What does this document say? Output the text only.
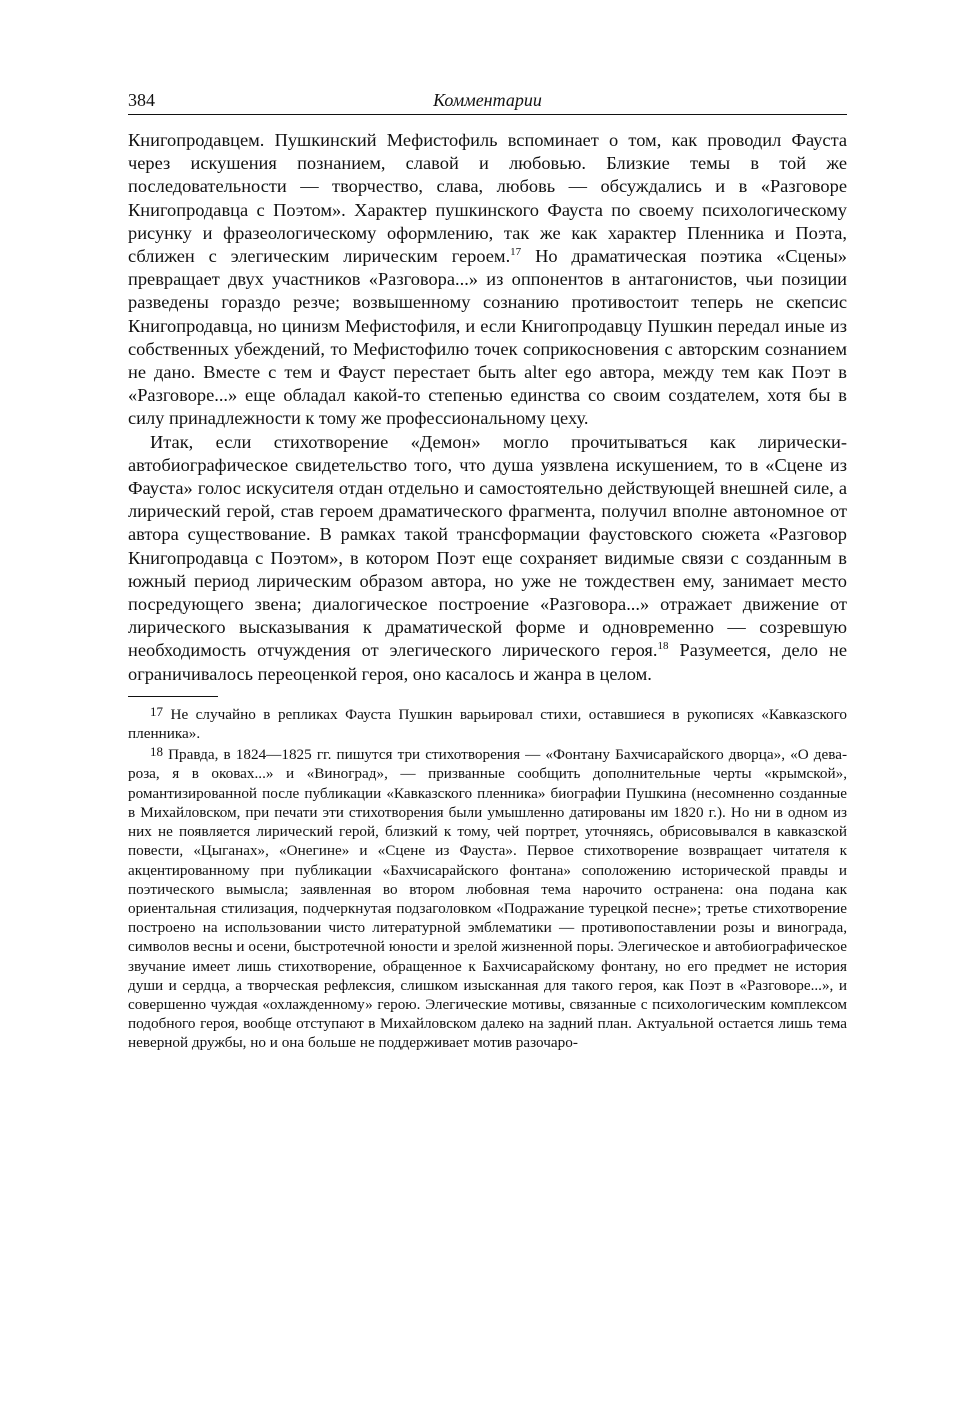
384	Комментарии

Книгопродавцем. Пушкинский Мефистофиль вспоминает о том, как проводил Фауста через искушения познанием, славой и любовью. Близкие темы в той же последовательности — творчество, слава, любовь — обсуждались и в «Разговоре Книгопродавца с Поэтом». Характер пушкинского Фауста по своему психологическому рисунку и фразеологическому оформлению, так же как характер Пленника и Поэта, сближен с элегическим лирическим героем.$^{17}$ Но драматическая поэтика «Сцены» превращает двух участников «Разговора...» из оппонентов в антагонистов, чьи позиции разведены гораздо резче; возвышенному сознанию противостоит теперь не скепсис Книгопродавца, но цинизм Мефистофиля, и если Книгопродавцу Пушкин передал иные из собственных убеждений, то Мефистофилю точек соприкосновения с авторским сознанием не дано. Вместе с тем и Фауст перестает быть alter ego автора, между тем как Поэт в «Разговоре...» еще обладал какой-то степенью единства со своим создателем, хотя бы в силу принадлежности к тому же профессиональному цеху.

Итак, если стихотворение «Демон» могло прочитываться как лирически-автобиографическое свидетельство того, что душа уязвлена искушением, то в «Сцене из Фауста» голос искусителя отдан отдельно и самостоятельно действующей внешней силе, а лирический герой, став героем драматического фрагмента, получил вполне автономное от автора существование. В рамках такой трансформации фаустовского сюжета «Разговор Книгопродавца с Поэтом», в котором Поэт еще сохраняет видимые связи с созданным в южный период лирическим образом автора, но уже не тождествен ему, занимает место посредующего звена; диалогическое построение «Разговора...» отражает движение от лирического высказывания к драматической форме и одновременно — созревшую необходимость отчуждения от элегического лирического героя.$^{18}$ Разумеется, дело не ограничивалось переоценкой героя, оно касалось и жанра в целом.

17 Не случайно в репликах Фауста Пушкин варьировал стихи, оставшиеся в рукописях «Кавказского пленника».

18 Правда, в 1824—1825 гг. пишутся три стихотворения — «Фонтану Бахчисарайского дворца», «О дева-роза, я в оковах...» и «Виноград», — призванные сообщить дополнительные черты «крымской», романтизированной после публикации «Кавказского пленника» биографии Пушкина (несомненно созданные в Михайловском, при печати эти стихотворения были умышленно датированы им 1820 г.). Но ни в одном из них не появляется лирический герой, близкий к тому, чей портрет, уточняясь, обрисовывался в кавказской повести, «Цыганах», «Онегине» и «Сцене из Фауста». Первое стихотворение возвращает читателя к акцентированному при публикации «Бахчисарайского фонтана» соположению исторической правды и поэтического вымысла; заявленная во втором любовная тема нарочито остранена: она подана как ориентальная стилизация, подчеркнутая подзаголовком «Подражание турецкой песне»; третье стихотворение построено на использовании чисто литературной эмблематики — противопоставлении розы и винограда, символов весны и осени, быстротечной юности и зрелой жизненной поры. Элегическое и автобиографическое звучание имеет лишь стихотворение, обращенное к Бахчисарайскому фонтану, но его предмет не история души и сердца, а творческая рефлексия, слишком изысканная для такого героя, как Поэт в «Разговоре...», и совершенно чуждая «охлажденному» герою. Элегические мотивы, связанные с психологическим комплексом подобного героя, вообще отступают в Михайловском далеко на задний план. Актуальной остается лишь тема неверной дружбы, но и она больше не поддерживает мотив разочаро-
